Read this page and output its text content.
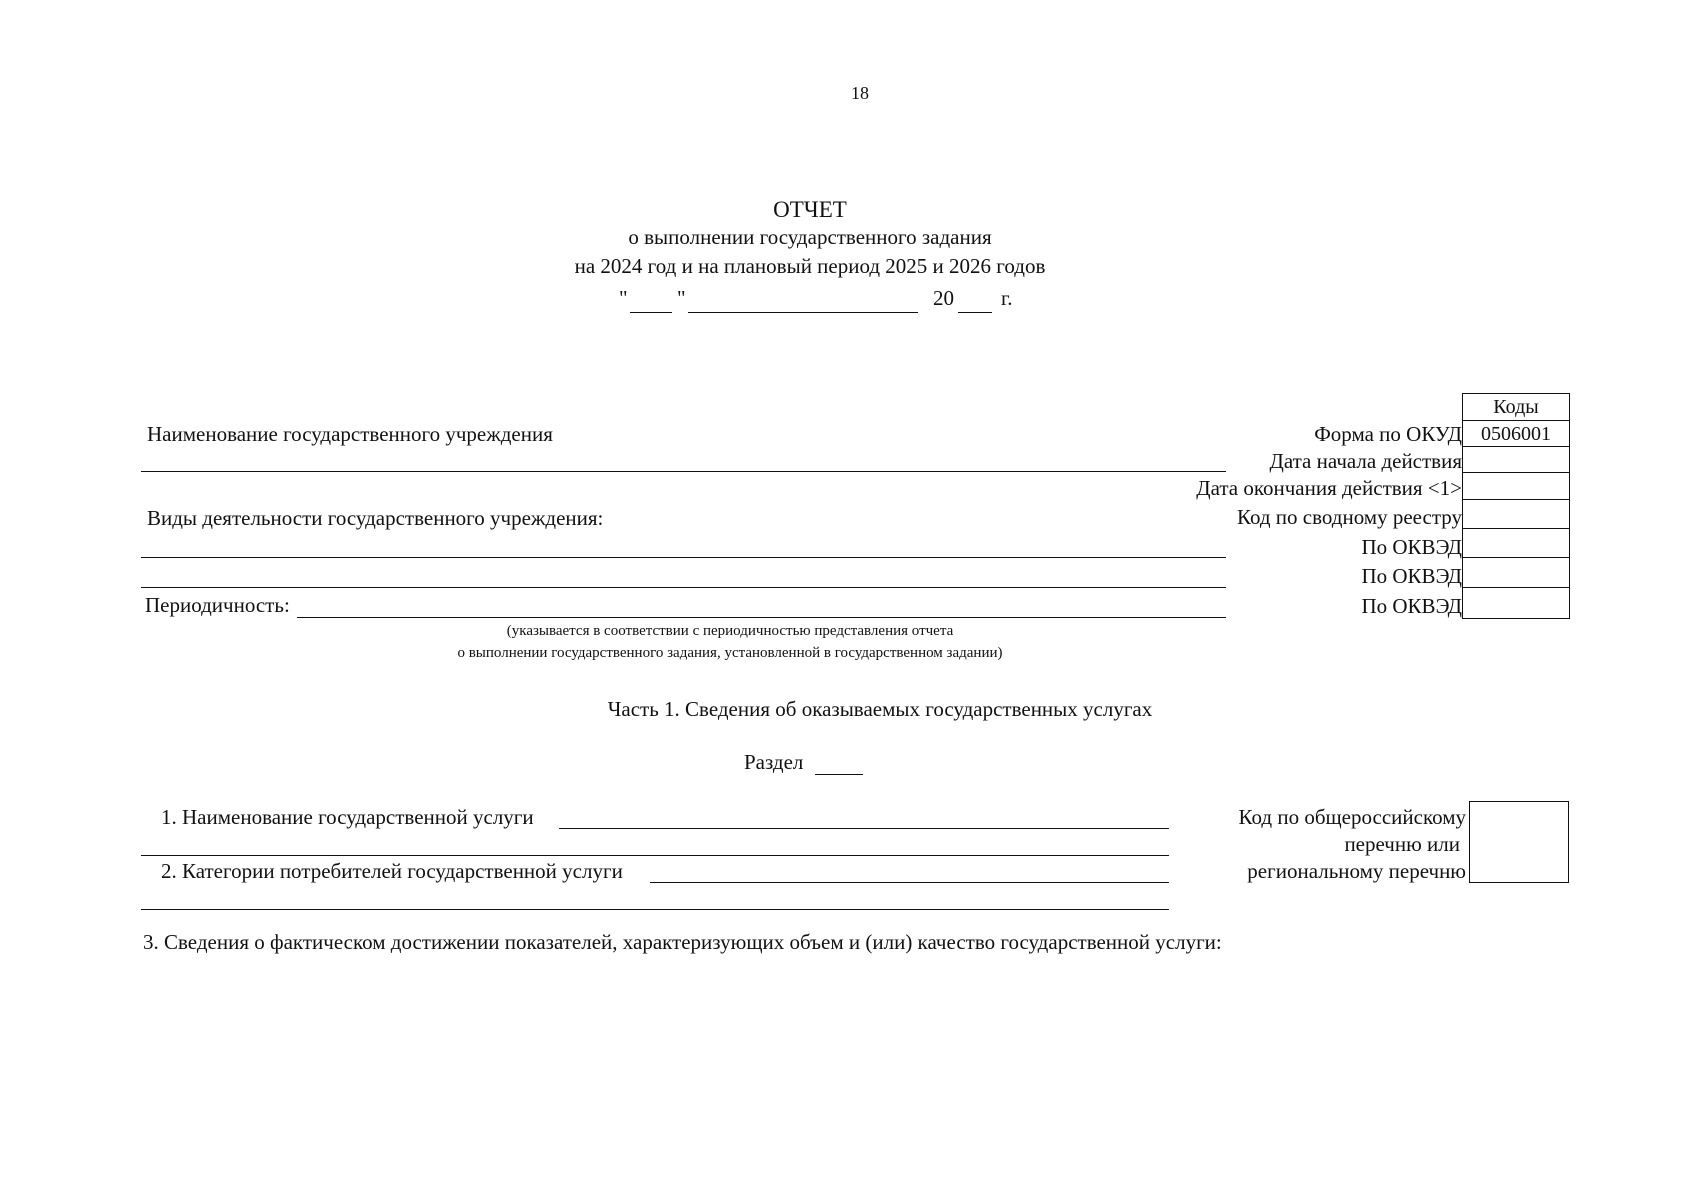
18
ОТЧЕТ
о выполнении государственного задания
на 2024 год и на плановый период 2025 и 2026 годов
" "	20 г.
Наименование государственного учреждения
Виды деятельности государственного учреждения:
Периодичность:
(указывается в соответствии с периодичностью представления отчета
о выполнении государственного задания, установленной в государственном задании)
Форма по ОКУД
Дата начала действия
Дата окончания действия <1>
Код по сводному реестру
По ОКВЭД
По ОКВЭД
По ОКВЭД
Коды
0506001
Часть 1. Сведения об оказываемых государственных услугах
Раздел
1. Наименование государственной услуги
2. Категории потребителей государственной услуги
Код по общероссийскому
перечню или
региональному перечню
3. Сведения о фактическом достижении показателей, характеризующих объем и (или) качество государственной услуги:
